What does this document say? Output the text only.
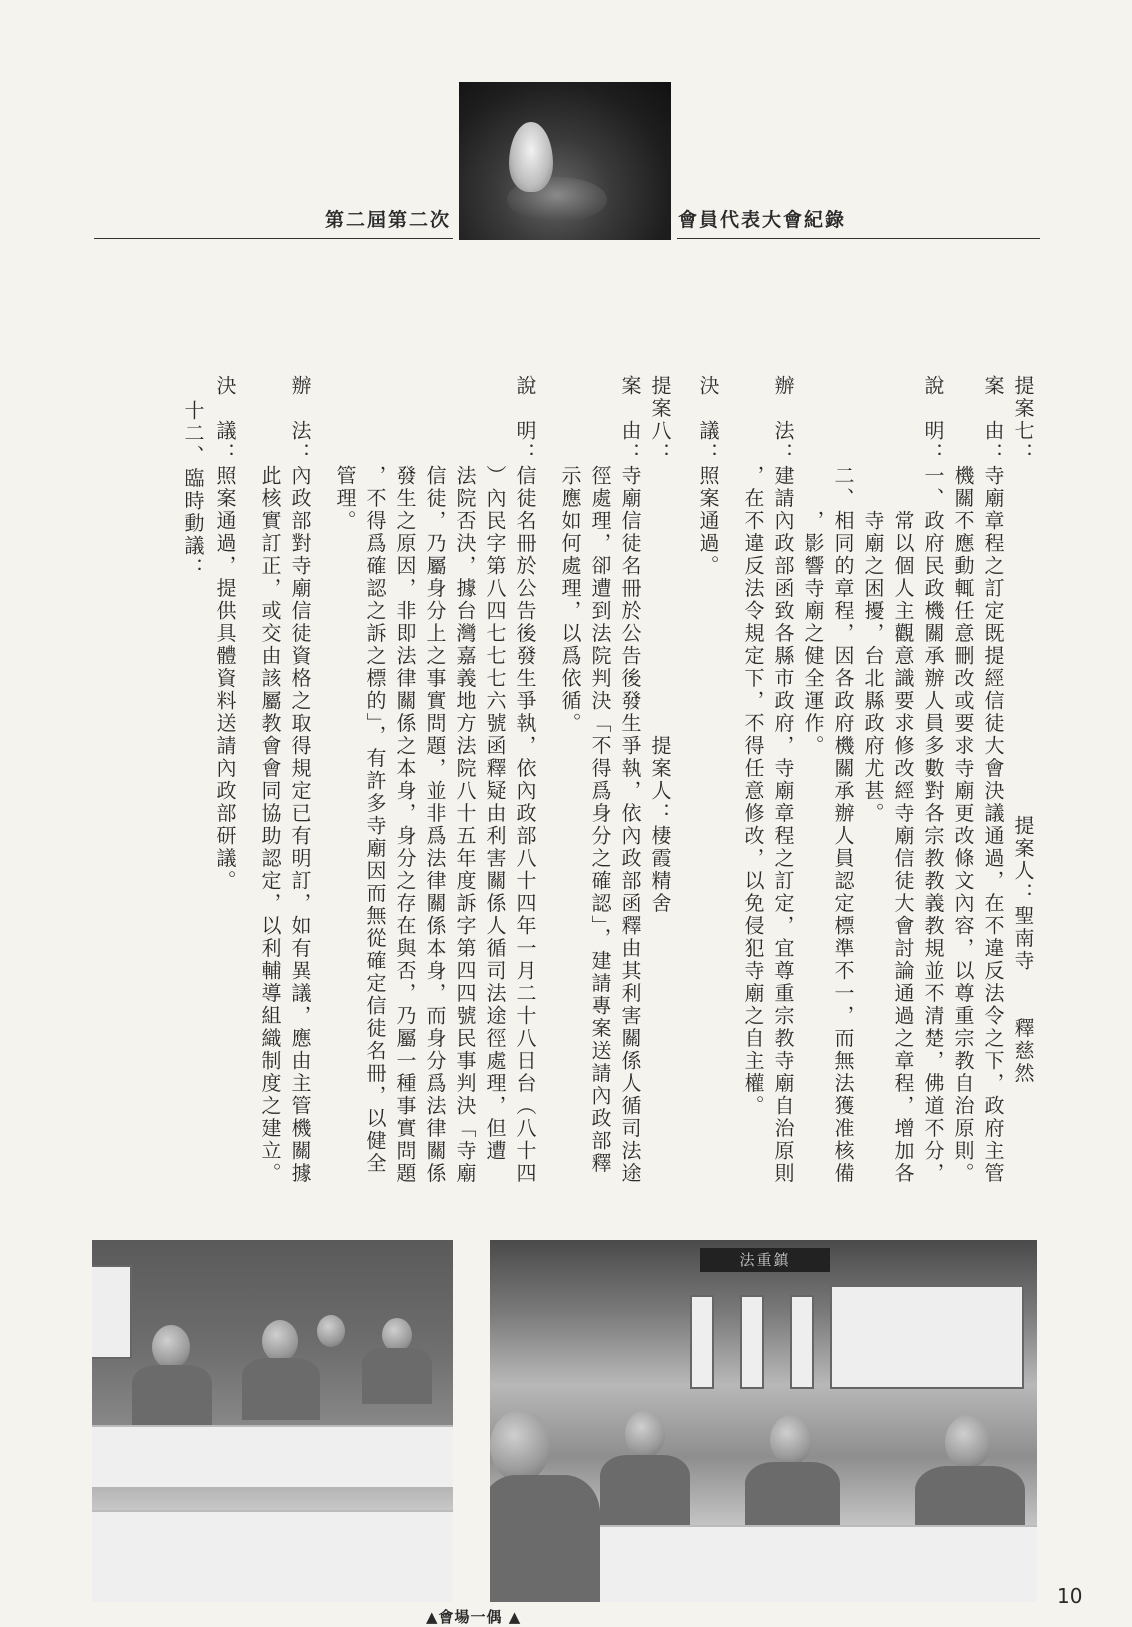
第二屆第二次	會員代表大會紀錄
提案七：
案　由：寺廟章程之訂定既提經信徒大會決議通過，在不違反法令之下，政府主管
　　　　機關不應動輒任意刪改或要求寺廟更改條文內容，以尊重宗教自治原則。
說　明：一、政府民政機關承辦人員多數對各宗教教義教規並不清楚，佛道不分，
　　　　　　常以個人主觀意識要求修改經寺廟信徒大會討論通過之章程，增加各
　　　　　　寺廟之困擾，台北縣政府尤甚。
　　　　二、相同的章程，因各政府機關承辦人員認定標準不一，而無法獲准核備
　　　　　　，影響寺廟之健全運作。
辦　法：建請內政部函致各縣市政府，寺廟章程之訂定，宜尊重宗教寺廟自治原則
　　　　，在不違反法令規定下，不得任意修改，以免侵犯寺廟之自主權。
決　議：照案通過。
提案八：
案　由：寺廟信徒名冊於公告後發生爭執，依內政部函釋由其利害關係人循司法途
　　　　徑處理，卻遭到法院判決「不得爲身分之確認」，建請專案送請內政部釋
　　　　示應如何處理，以爲依循。
說　明：信徒名冊於公告後發生爭執，依內政部八十四年一月二十八日台（八十四
　　　　）內民字第八四七七七六號函釋疑由利害關係人循司法途徑處理，但遭
　　　　法院否決，據台灣嘉義地方法院八十五年度訴字第四四號民事判決「寺廟
　　　　信徒，乃屬身分上之事實問題，並非爲法律關係本身，而身分爲法律關係
　　　　發生之原因，非即法律關係之本身，身分之存在與否，乃屬一種事實問題
　　　　，不得爲確認之訴之標的」，有許多寺廟因而無從確定信徒名冊，以健全
　　　　管理。
辦　法：內政部對寺廟信徒資格之取得規定已有明訂，如有異議，應由主管機關據
　　　　此核實訂正，或交由該屬教會會同協助認定，以利輔導組織制度之建立。
決　議：照案通過，提供具體資料送請內政部研議。
十二、臨時動議：
提案人：聖南寺　　釋慈然
提案人：棲霞精舍
法重鎮
▲會場一偶 ▲
10
